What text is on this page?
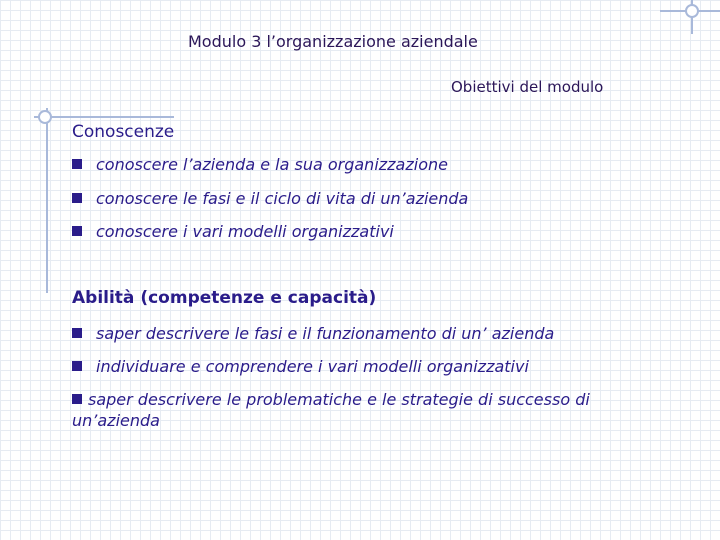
Modulo 3 l’organizzazione aziendale
Obiettivi del modulo
Conoscenze
conoscere l’azienda e la sua organizzazione
conoscere le fasi e il ciclo di vita di un’azienda
conoscere i vari modelli organizzativi
Abilità (competenze e capacità)
saper descrivere le fasi e il funzionamento di un’ azienda
individuare e comprendere i vari modelli organizzativi
saper descrivere le problematiche e le strategie di successo di un’azienda
